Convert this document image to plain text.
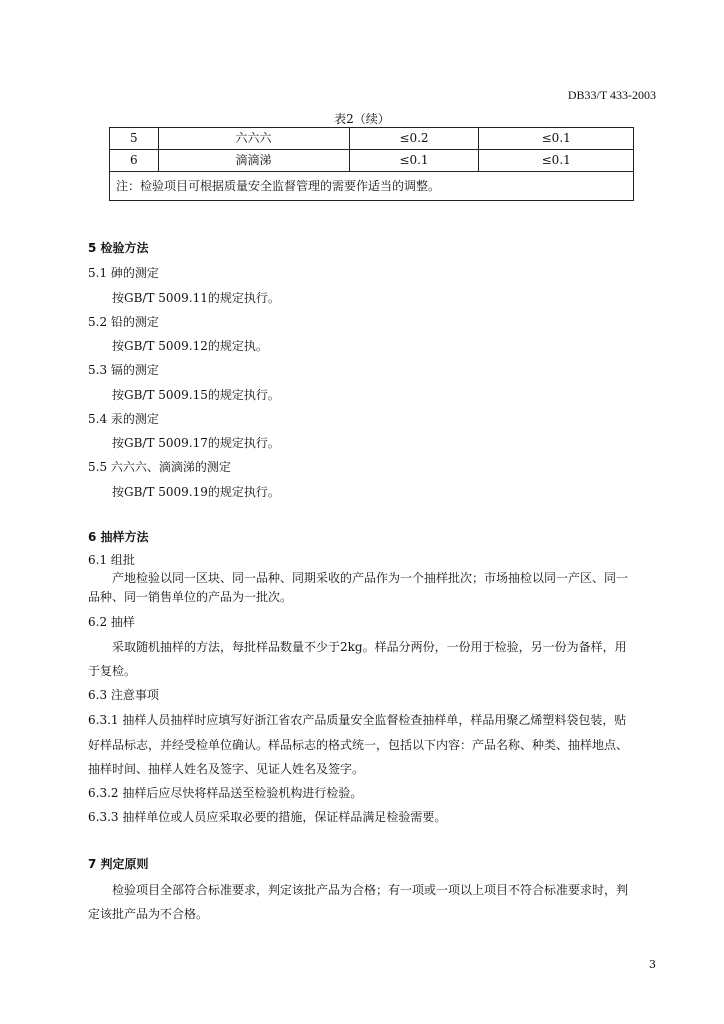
DB33/T 433-2003
表2（续）
5	六六六	≤0.2	≤0.1
6	滴滴涕	≤0.1	≤0.1
注：检验项目可根据质量安全监督管理的需要作适当的调整。			
5 检验方法
5.1 砷的测定
按GB/T 5009.11的规定执行。
5.2 铅的测定
按GB/T 5009.12的规定执。
5.3 镉的测定
按GB/T 5009.15的规定执行。
5.4 汞的测定
按GB/T 5009.17的规定执行。
5.5 六六六、滴滴涕的测定
按GB/T 5009.19的规定执行。
6 抽样方法
6.1 组批
产地检验以同一区块、同一品种、同期采收的产品作为一个抽样批次；市场抽检以同一产区、同一
品种、同一销售单位的产品为一批次。
6.2 抽样
采取随机抽样的方法，每批样品数量不少于2kg。样品分两份，一份用于检验，另一份为备样，用
于复检。
6.3 注意事项
6.3.1 抽样人员抽样时应填写好浙江省农产品质量安全监督检查抽样单，样品用聚乙烯塑料袋包装，贴
好样品标志，并经受检单位确认。样品标志的格式统一，包括以下内容：产品名称、种类、抽样地点、
抽样时间、抽样人姓名及签字、见证人姓名及签字。
6.3.2 抽样后应尽快将样品送至检验机构进行检验。
6.3.3 抽样单位或人员应采取必要的措施，保证样品满足检验需要。
7 判定原则
检验项目全部符合标准要求，判定该批产品为合格；有一项或一项以上项目不符合标准要求时，判
定该批产品为不合格。
3
